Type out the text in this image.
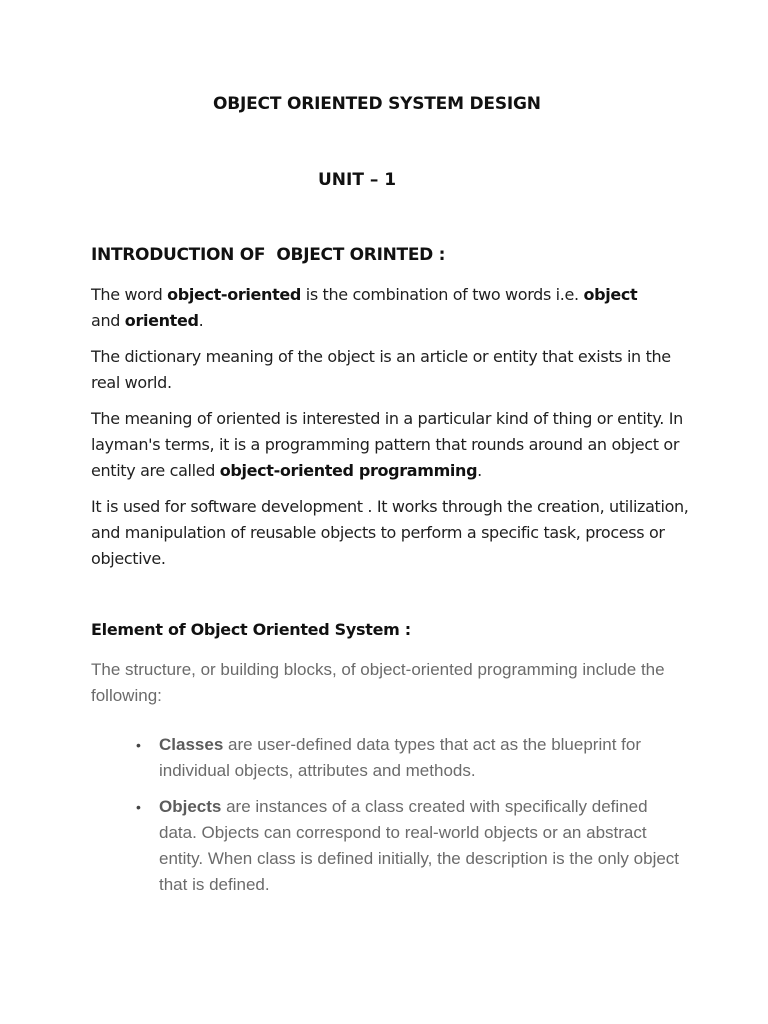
OBJECT ORIENTED SYSTEM DESIGN
UNIT – 1
INTRODUCTION OF  OBJECT ORINTED :

The word object-oriented is the combination of two words i.e. object and oriented.

The dictionary meaning of the object is an article or entity that exists in the real world.

The meaning of oriented is interested in a particular kind of thing or entity. In layman's terms, it is a programming pattern that rounds around an object or entity are called object-oriented programming.

It is used for software development . It works through the creation, utilization, and manipulation of reusable objects to perform a specific task, process or objective.

Element of Object Oriented System :

The structure, or building blocks, of object-oriented programming include the following:

• Classes are user-defined data types that act as the blueprint for individual objects, attributes and methods.
• Objects are instances of a class created with specifically defined data. Objects can correspond to real-world objects or an abstract entity. When class is defined initially, the description is the only object that is defined.
